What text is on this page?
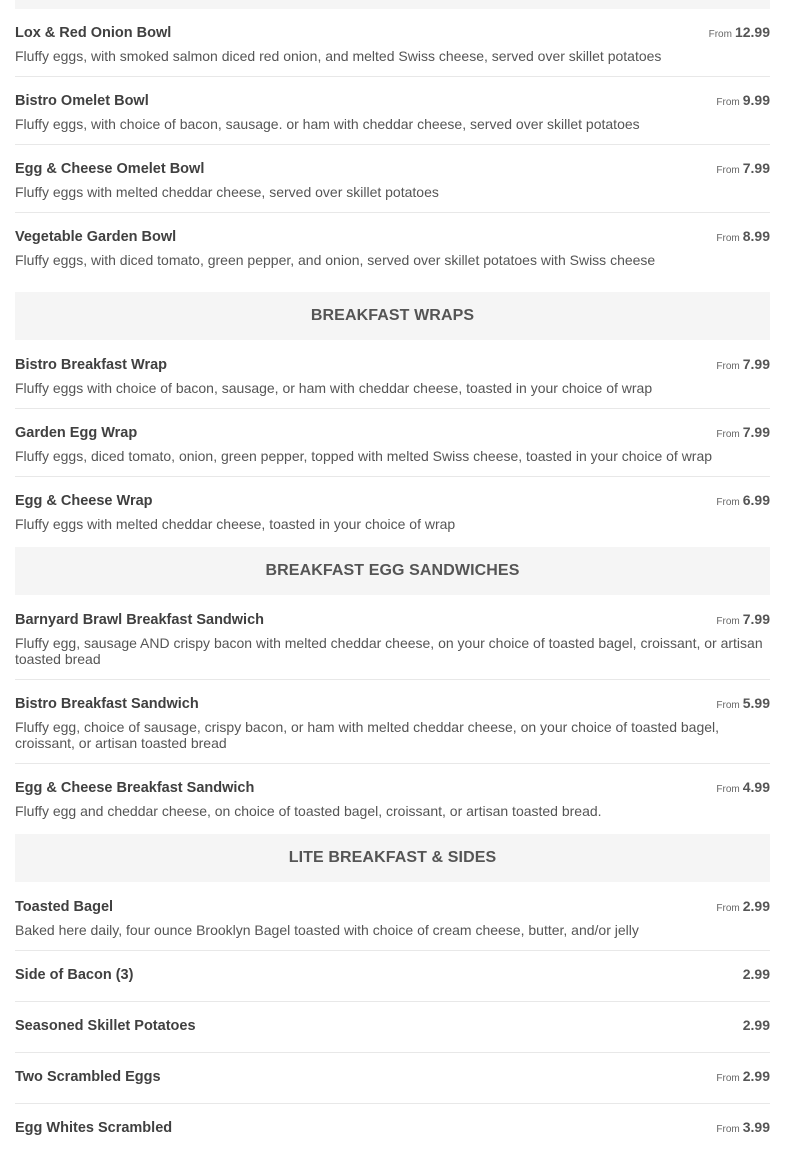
Lox & Red Onion Bowl	From 12.99
Fluffy eggs, with smoked salmon diced red onion, and melted Swiss cheese, served over skillet potatoes
Bistro Omelet Bowl	From 9.99
Fluffy eggs, with choice of bacon, sausage. or ham with cheddar cheese, served over skillet potatoes
Egg & Cheese Omelet Bowl	From 7.99
Fluffy eggs with melted cheddar cheese, served over skillet potatoes
Vegetable Garden Bowl	From 8.99
Fluffy eggs, with diced tomato, green pepper, and onion, served over skillet potatoes with Swiss cheese
BREAKFAST WRAPS
Bistro Breakfast Wrap	From 7.99
Fluffy eggs with choice of bacon, sausage, or ham with cheddar cheese, toasted in your choice of wrap
Garden Egg Wrap	From 7.99
Fluffy eggs, diced tomato, onion, green pepper, topped with melted Swiss cheese, toasted in your choice of wrap
Egg & Cheese Wrap	From 6.99
Fluffy eggs with melted cheddar cheese, toasted in your choice of wrap
BREAKFAST EGG SANDWICHES
Barnyard Brawl Breakfast Sandwich	From 7.99
Fluffy egg, sausage AND crispy bacon with melted cheddar cheese, on your choice of toasted bagel, croissant, or artisan toasted bread
Bistro Breakfast Sandwich	From 5.99
Fluffy egg, choice of sausage, crispy bacon, or ham with melted cheddar cheese, on your choice of toasted bagel, croissant, or artisan toasted bread
Egg & Cheese Breakfast Sandwich	From 4.99
Fluffy egg and cheddar cheese, on choice of toasted bagel, croissant, or artisan toasted bread.
LITE BREAKFAST & SIDES
Toasted Bagel	From 2.99
Baked here daily, four ounce Brooklyn Bagel toasted with choice of cream cheese, butter, and/or jelly
Side of Bacon (3)	2.99
Seasoned Skillet Potatoes	2.99
Two Scrambled Eggs	From 2.99
Egg Whites Scrambled	From 3.99
